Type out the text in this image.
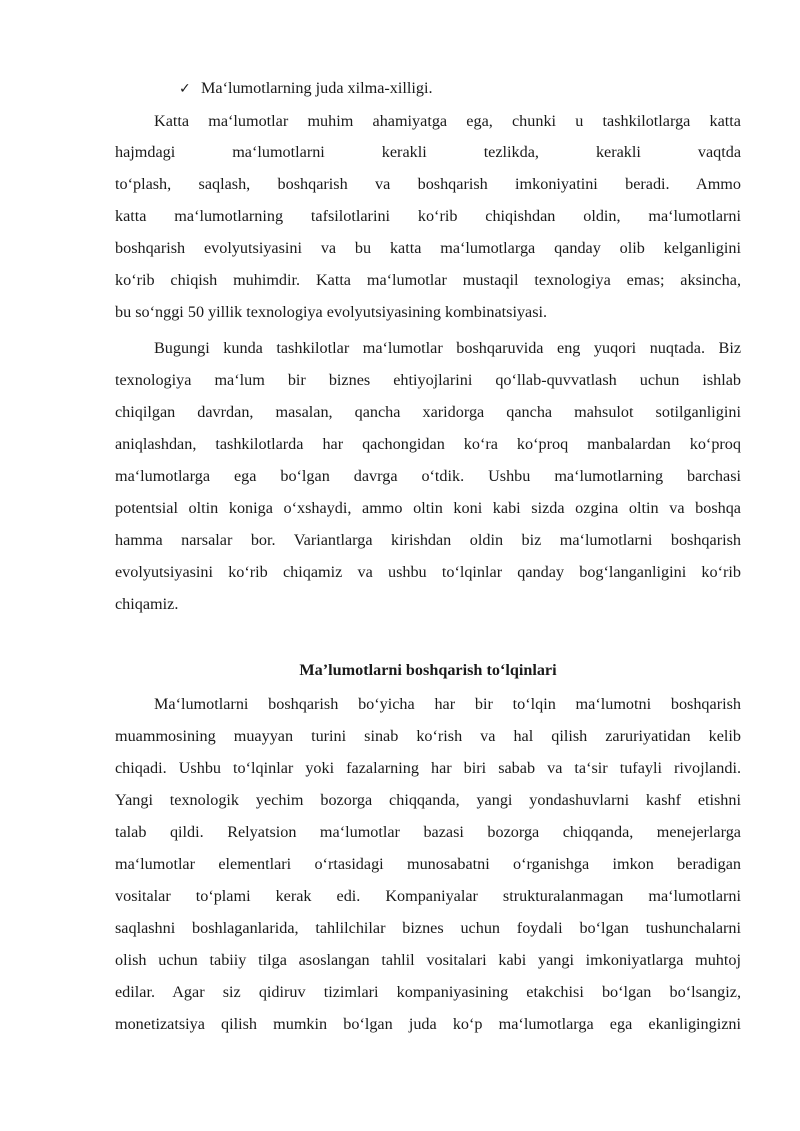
✓ Maʻlumotlarning juda xilma-xilligi.
Katta maʻlumotlar muhim ahamiyatga ega, chunki u tashkilotlarga katta
hajmdagi maʻlumotlarni kerakli tezlikda, kerakli vaqtda
toʻplash, saqlash, boshqarish va boshqarish imkoniyatini beradi. Ammo
katta maʻlumotlarning tafsilotlarini koʻrib chiqishdan oldin, maʻlumotlarni
boshqarish evolyutsiyasini va bu katta maʻlumotlarga qanday olib kelganligini
koʻrib chiqish muhimdir. Katta maʻlumotlar mustaqil texnologiya emas; aksincha,
bu soʻnggi 50 yillik texnologiya evolyutsiyasining kombinatsiyasi.
Bugungi kunda tashkilotlar maʻlumotlar boshqaruvida eng yuqori nuqtada. Biz
texnologiya maʻlum bir biznes ehtiyojlarini qoʻllab-quvvatlash uchun ishlab
chiqilgan davrdan, masalan, qancha xaridorga qancha mahsulot sotilganligini
aniqlashdan, tashkilotlarda har qachongidan koʻra koʻproq manbalardan koʻproq
maʻlumotlarga ega boʻlgan davrga oʻtdik. Ushbu maʻlumotlarning barchasi
potentsial oltin koniga oʻxshaydi, ammo oltin koni kabi sizda ozgina oltin va boshqa
hamma narsalar bor. Variantlarga kirishdan oldin biz maʻlumotlarni boshqarish
evolyutsiyasini koʻrib chiqamiz va ushbu toʻlqinlar qanday bogʻlanganligini koʻrib
chiqamiz.
Ma’lumotlarni boshqarish toʻlqinlari
Maʻlumotlarni boshqarish boʻyicha har bir toʻlqin maʻlumotni boshqarish
muammosining muayyan turini sinab koʻrish va hal qilish zaruriyatidan kelib
chiqadi. Ushbu toʻlqinlar yoki fazalarning har biri sabab va taʻsir tufayli rivojlandi.
Yangi texnologik yechim bozorga chiqqanda, yangi yondashuvlarni kashf etishni
talab qildi. Relyatsion maʻlumotlar bazasi bozorga chiqqanda, menejerlarga
maʻlumotlar elementlari oʻrtasidagi munosabatni oʻrganishga imkon beradigan
vositalar toʻplami kerak edi. Kompaniyalar strukturalanmagan maʻlumotlarni
saqlashni boshlaganlarida, tahlilchilar biznes uchun foydali boʻlgan tushunchalarni
olish uchun tabiiy tilga asoslangan tahlil vositalari kabi yangi imkoniyatlarga muhtoj
edilar. Agar siz qidiruv tizimlari kompaniyasining etakchisi boʻlgan boʻlsangiz,
monetizatsiya qilish mumkin boʻlgan juda koʻp maʻlumotlarga ega ekanligingizni
